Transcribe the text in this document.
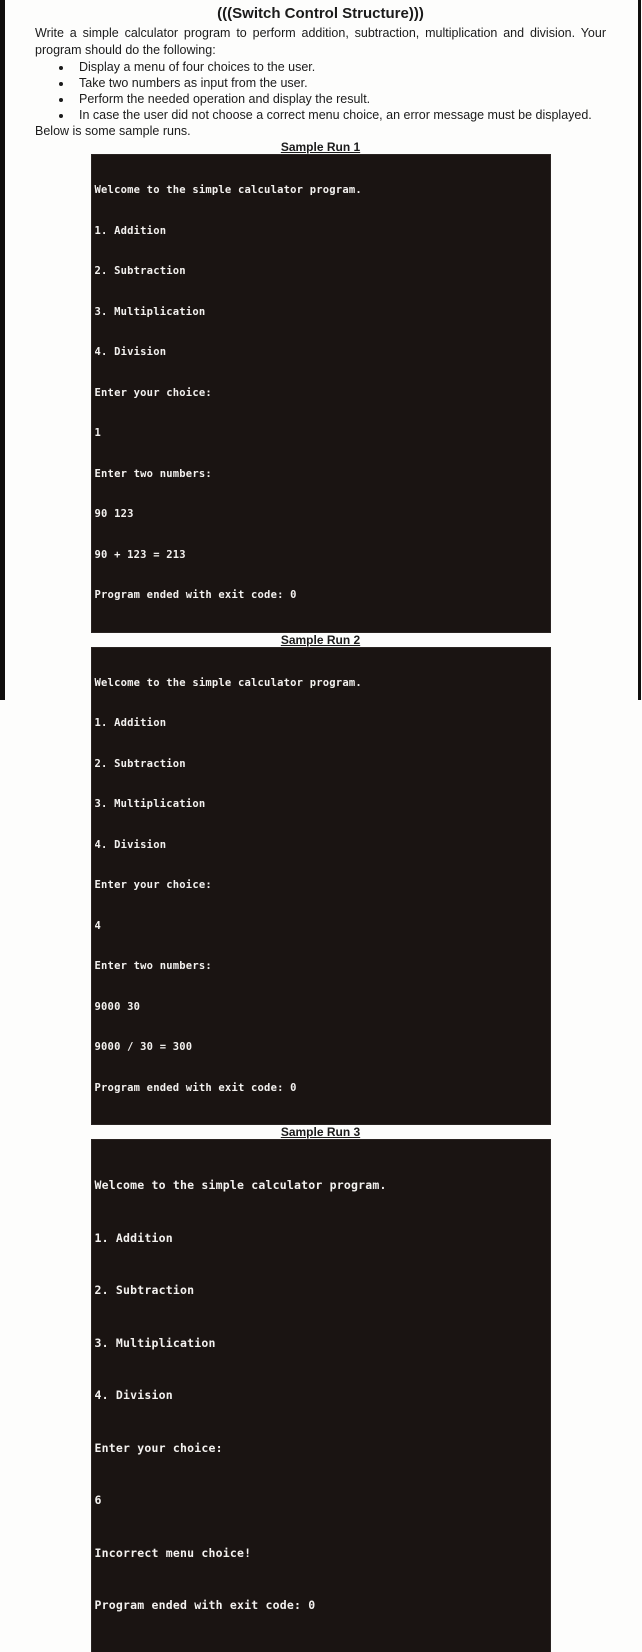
(((Switch Control Structure)))

Write a simple calculator program to perform addition, subtraction, multiplication and division. Your program should do the following:

• Display a menu of four choices to the user.
• Take two numbers as input from the user.
• Perform the needed operation and display the result.
• In case the user did not choose a correct menu choice, an error message must be displayed.

Below is some sample runs.

Sample Run 1

Welcome to the simple calculator program.

1. Addition

2. Subtraction

3. Multiplication

4. Division

Enter your choice:

1

Enter two numbers:

90 123

90 + 123 = 213

Program ended with exit code: 0

Sample Run 2

Welcome to the simple calculator program.

1. Addition

2. Subtraction

3. Multiplication

4. Division

Enter your choice:

4

Enter two numbers:

9000 30

9000 / 30 = 300

Program ended with exit code: 0

Sample Run 3

Welcome to the simple calculator program.

1. Addition

2. Subtraction

3. Multiplication

4. Division

Enter your choice:

6

Incorrect menu choice!

Program ended with exit code: 0
